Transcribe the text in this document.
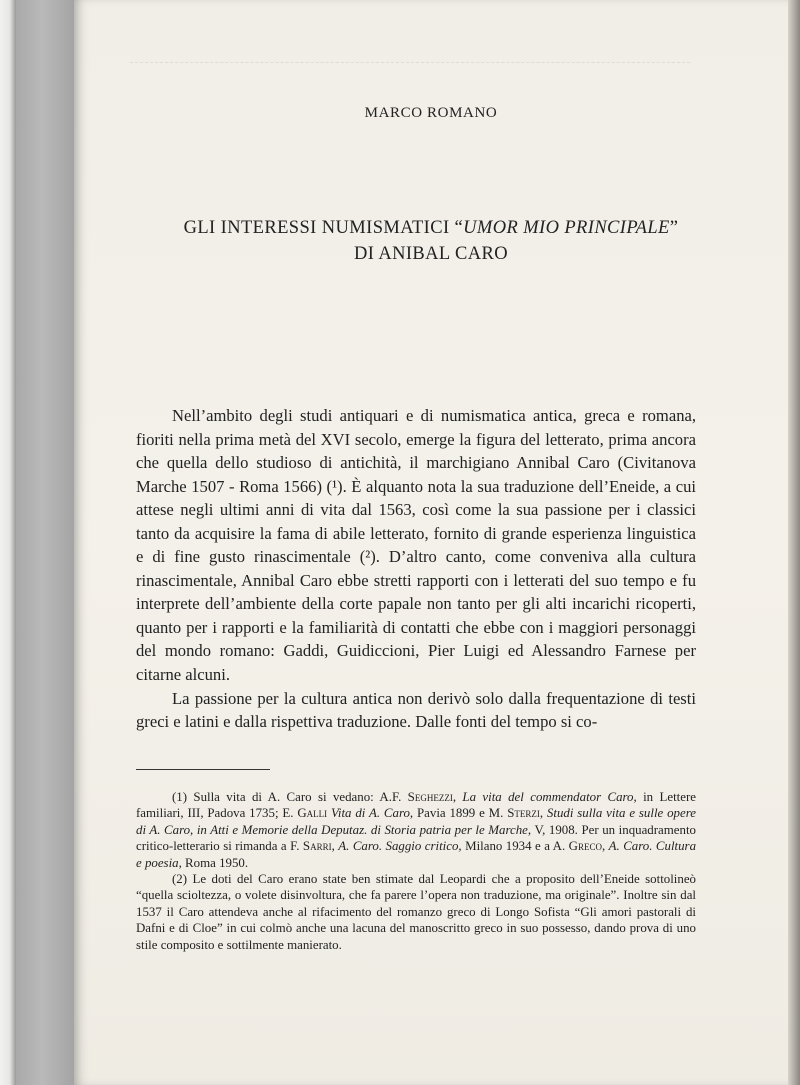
MARCO ROMANO
GLI INTERESSI NUMISMATICI “UMOR MIO PRINCIPALE”
DI ANIBAL CARO

Nell’ambito degli studi antiquari e di numismatica antica, greca e romana, fioriti nella prima metà del XVI secolo, emerge la figura del letterato, prima ancora che quella dello studioso di antichità, il marchigiano Annibal Caro (Civitanova Marche 1507 - Roma 1566) (¹). È alquanto nota la sua traduzione dell’Eneide, a cui attese negli ultimi anni di vita dal 1563, così come la sua passione per i classici tanto da acquisire la fama di abile letterato, fornito di grande esperienza linguistica e di fine gusto rinascimentale (²). D’altro canto, come conveniva alla cultura rinascimentale, Annibal Caro ebbe stretti rapporti con i letterati del suo tempo e fu interprete dell’ambiente della corte papale non tanto per gli alti incarichi ricoperti, quanto per i rapporti e la familiarità di contatti che ebbe con i maggiori personaggi del mondo romano: Gaddi, Guidiccioni, Pier Luigi ed Alessandro Farnese per citarne alcuni.

La passione per la cultura antica non derivò solo dalla frequentazione di testi greci e latini e dalla rispettiva traduzione. Dalle fonti del tempo si co-

(1) Sulla vita di A. Caro si vedano: A.F. Seghezzi, La vita del commendator Caro, in Lettere familiari, III, Padova 1735; E. Galli Vita di A. Caro, Pavia 1899 e M. Sterzi, Studi sulla vita e sulle opere di A. Caro, in Atti e Memorie della Deputaz. di Storia patria per le Marche, V, 1908. Per un inquadramento critico-letterario si rimanda a F. Sarri, A. Caro. Saggio critico, Milano 1934 e a A. Greco, A. Caro. Cultura e poesia, Roma 1950.

(2) Le doti del Caro erano state ben stimate dal Leopardi che a proposito dell’Eneide sottolineò “quella scioltezza, o volete disinvoltura, che fa parere l’opera non traduzione, ma originale”. Inoltre sin dal 1537 il Caro attendeva anche al rifacimento del romanzo greco di Longo Sofista “Gli amori pastorali di Dafni e di Cloe” in cui colmò anche una lacuna del manoscritto greco in suo possesso, dando prova di uno stile composito e sottilmente manierato.
